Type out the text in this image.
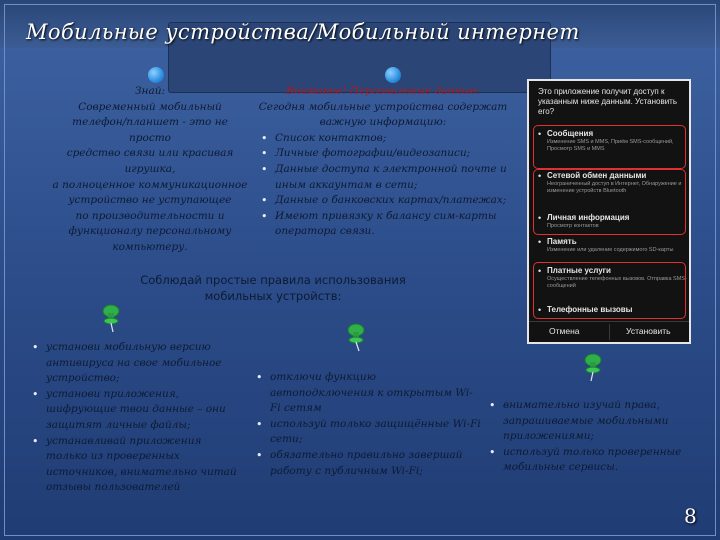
Мобильные устройства/Мобильный интернет
Знай:
Современный мобильный
телефон/планшет - это не просто
средство связи или красивая
игрушка,
а полноценное коммуникационное
устройство не уступающее
по производительности и
функционалу персональному
компьютеру.
Внимание! Персональные данные:
Сегодня мобильные устройства содержат
важную информацию:
• Список контактов;
• Личные фотографии/видеозаписи;
• Данные доступа к электронной почте и иным аккаунтам в сети;
• Данные о банковских картах/платежах;
• Имеют привязку к балансу сим-карты оператора связи.
Это приложение получит доступ к указанным ниже данным. Установить его?
• Сообщения
Изменение SMS и MMS, Приём SMS-сообщений, Просмотр SMS и MMS
• Сетевой обмен данными
Неограниченный доступ в Интернет, Обнаружение и изменение устройств Bluetooth
• Личная информация
Просмотр контактов
• Память
Изменение или удаление содержимого SD-карты
• Платные услуги
Осуществление телефонных вызовов. Отправка SMS-сообщений
• Телефонные вызовы
Отмена	Установить
Соблюдай простые правила использования
мобильных устройств:
• установи мобильную версию антивируса на свое мобильное устройство;
• установи приложения, шифрующие твои данные – они защитят личные файлы;
• устанавливай приложения только из проверенных источников, внимательно читай отзывы пользователей
• отключи функцию автоподключения к открытым Wi-Fi сетям
• используй только защищённые Wi-Fi сети;
• обязательно правильно завершай работу с публичным Wi-Fi;
• внимательно изучай права, запрашиваемые мобильными приложениями;
• используй только проверенные мобильные сервисы.
8
